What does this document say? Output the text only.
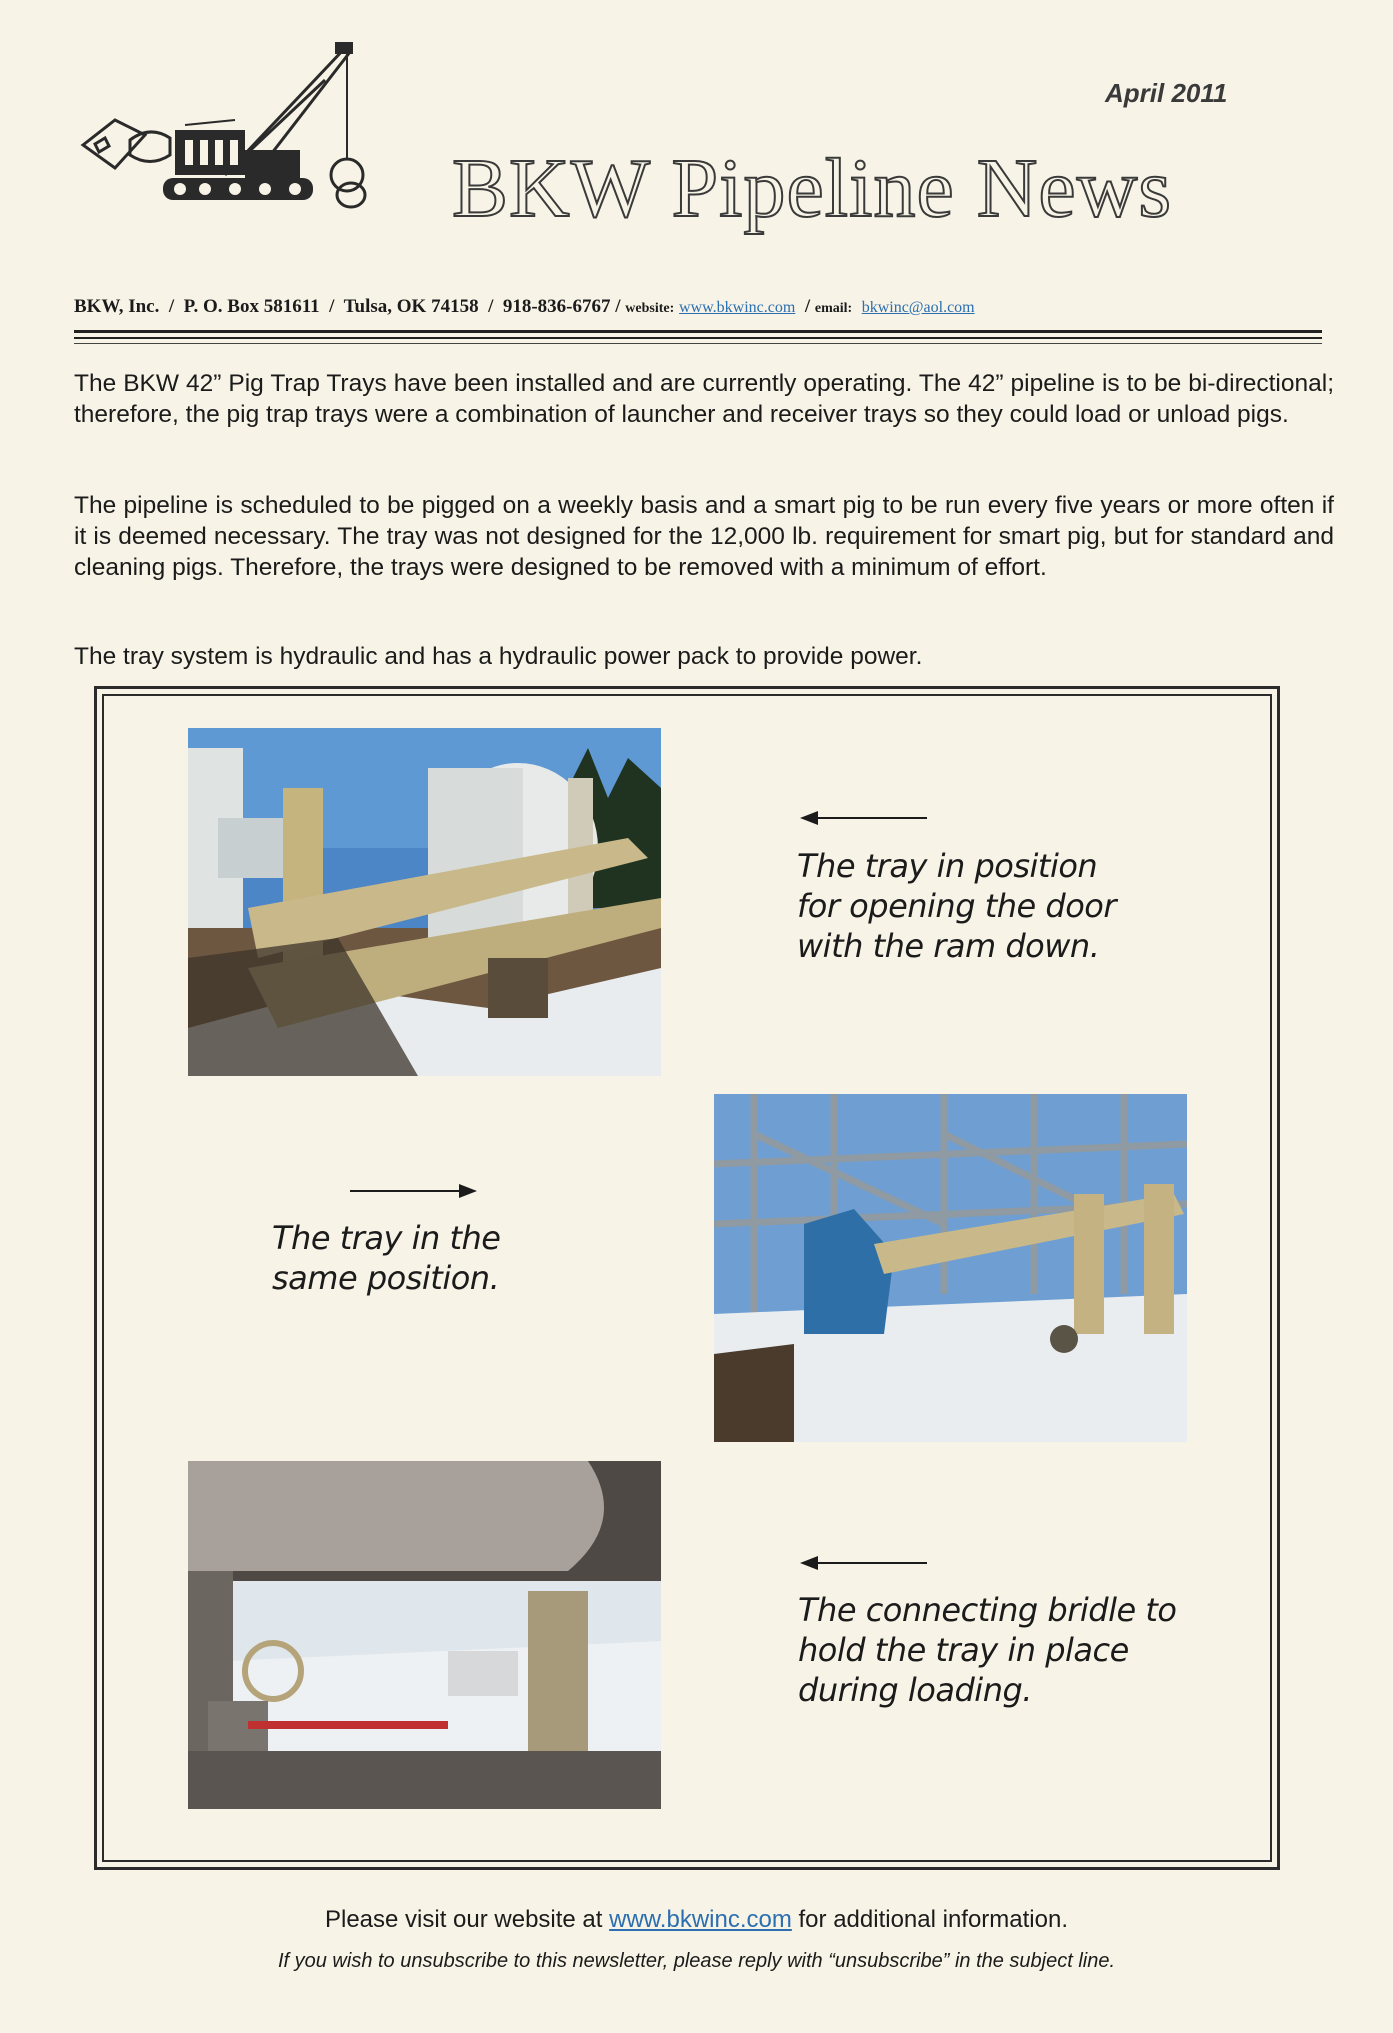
April 2011
BKW Pipeline News
BKW, Inc.  /  P. O. Box 581611  /  Tulsa, OK 74158  /  918-836-6767 / website: www.bkwinc.com  / email: bkwinc@aol.com
The BKW 42” Pig Trap Trays have been installed and are currently operating. The 42” pipeline is to be bi-directional; therefore, the pig trap trays were a combination of launcher and receiver trays so they could load or unload pigs.
The pipeline is scheduled to be pigged on a weekly basis and a smart pig to be run every five years or more often if it is deemed necessary. The tray was not designed for the 12,000 lb. requirement for smart pig, but for standard and cleaning pigs. Therefore, the trays were designed to be removed with a minimum of effort.
The tray system is hydraulic and has a hydraulic power pack to provide power.
The tray in position
for opening the door
with the ram down.
The tray in the
same position.
The connecting bridle to
hold the tray in place
during loading.
Please visit our website at www.bkwinc.com for additional information.
If you wish to unsubscribe to this newsletter, please reply with “unsubscribe” in the subject line.
